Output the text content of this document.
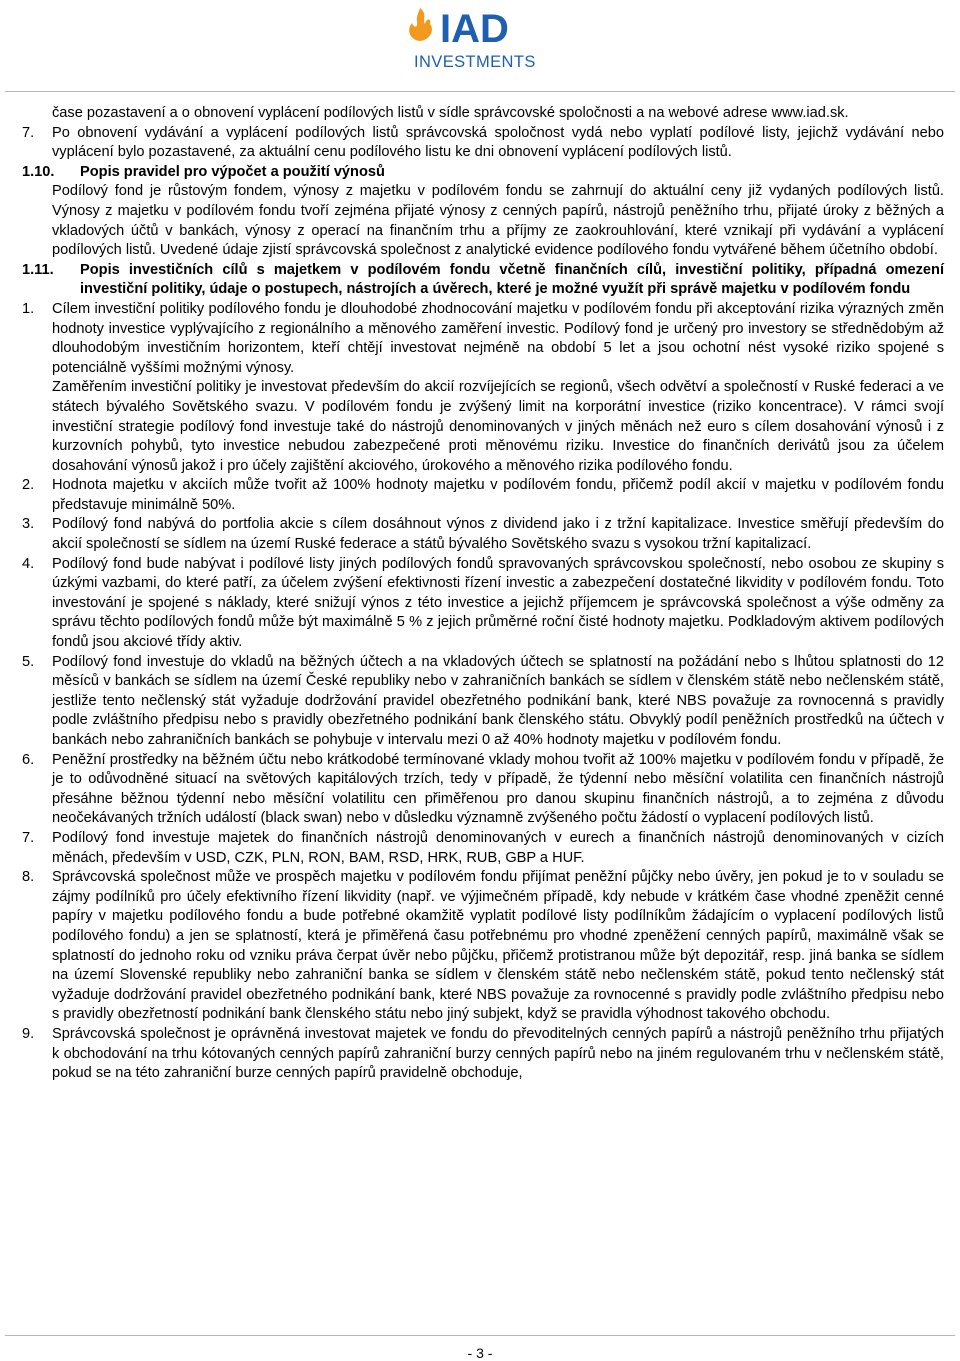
IAD
INVESTMENTS

čase pozastavení a o obnovení vyplácení podílových listů v sídle správcovské spoločnosti a na webové adrese www.iad.sk.

7. Po obnovení vydávání a vyplácení podílových listů správcovská spoločnost vydá nebo vyplatí podílové listy, jejichž vydávání nebo vyplácení bylo pozastavené, za aktuální cenu podílového listu ke dni obnovení vyplácení podílových listů.

1.10. Popis pravidel pro výpočet a použití výnosů

Podílový fond je růstovým fondem, výnosy z majetku v podílovém fondu se zahrnují do aktuální ceny již vydaných podílových listů. Výnosy z majetku v podílovém fondu tvoří zejména přijaté výnosy z cenných papírů, nástrojů peněžního trhu, přijaté úroky z běžných a vkladových účtů v bankách, výnosy z operací na finančním trhu a příjmy ze zaokrouhlování, které vznikají při vydávání a vyplácení podílových listů. Uvedené údaje zjistí správcovská společnost z analytické evidence podílového fondu vytvářené během účetního období.

1.11. Popis investičních cílů s majetkem v podílovém fondu včetně finančních cílů, investiční politiky, případná omezení investiční politiky, údaje o postupech, nástrojích a úvěrech, které je možné využít při správě majetku v podílovém fondu

1. Cílem investiční politiky podílového fondu je dlouhodobé zhodnocování majetku v podílovém fondu při akceptování rizika výrazných změn hodnoty investice vyplývajícího z regionálního a měnového zaměření investic. Podílový fond je určený pro investory se střednědobým až dlouhodobým investičním horizontem, kteří chtějí investovat nejméně na období 5 let a jsou ochotní nést vysoké riziko spojené s potenciálně vyššími možnými výnosy.

Zaměřením investiční politiky je investovat především do akcií rozvíjejících se regionů, všech odvětví a společností v Ruské federaci a ve státech bývalého Sovětského svazu. V podílovém fondu je zvýšený limit na korporátní investice (riziko koncentrace). V rámci svojí investiční strategie podílový fond investuje také do nástrojů denominovaných v jiných měnách než euro s cílem dosahování výnosů i z kurzovních pohybů, tyto investice nebudou zabezpečené proti měnovému riziku. Investice do finančních derivátů jsou za účelem dosahování výnosů jakož i pro účely zajištění akciového, úrokového a měnového rizika podílového fondu.

2. Hodnota majetku v akciích může tvořit až 100% hodnoty majetku v podílovém fondu, přičemž podíl akcií v majetku v podílovém fondu představuje minimálně 50%.

3. Podílový fond nabývá do portfolia akcie s cílem dosáhnout výnos z dividend jako i z tržní kapitalizace. Investice směřují především do akcií společností se sídlem na území Ruské federace a států bývalého Sovětského svazu s vysokou tržní kapitalizací.

4. Podílový fond bude nabývat i podílové listy jiných podílových fondů spravovaných správcovskou společností, nebo osobou ze skupiny s úzkými vazbami, do které patří, za účelem zvýšení efektivnosti řízení investic a zabezpečení dostatečné likvidity v podílovém fondu. Toto investování je spojené s náklady, které snižují výnos z této investice a jejichž příjemcem je správcovská společnost a výše odměny za správu těchto podílových fondů může být maximálně 5 % z jejich průměrné roční čisté hodnoty majetku. Podkladovým aktivem podílových fondů jsou akciové třídy aktiv.

5. Podílový fond investuje do vkladů na běžných účtech a na vkladových účtech se splatností na požádání nebo s lhůtou splatnosti do 12 měsíců v bankách se sídlem na území České republiky nebo v zahraničních bankách se sídlem v členském státě nebo nečlenském státě, jestliže tento nečlenský stát vyžaduje dodržování pravidel obezřetného podnikání bank, které NBS považuje za rovnocenná s pravidly podle zvláštního předpisu nebo s pravidly obezřetného podnikání bank členského státu. Obvyklý podíl peněžních prostředků na účtech v bankách nebo zahraničních bankách se pohybuje v intervalu mezi 0 až 40% hodnoty majetku v podílovém fondu.

6. Peněžní prostředky na běžném účtu nebo krátkodobé termínované vklady mohou tvořit až 100% majetku v podílovém fondu v případě, že je to odůvodněné situací na světových kapitálových trzích, tedy v případě, že týdenní nebo měsíční volatilita cen finančních nástrojů přesáhne běžnou týdenní nebo měsíční volatilitu cen přiměřenou pro danou skupinu finančních nástrojů, a to zejména z důvodu neočekávaných tržních událostí (black swan) nebo v důsledku významně zvýšeného počtu žádostí o vyplacení podílových listů.

7. Podílový fond investuje majetek do finančních nástrojů denominovaných v eurech a finančních nástrojů denominovaných v cizích měnách, především v USD, CZK, PLN, RON, BAM, RSD, HRK, RUB, GBP a HUF.

8. Správcovská společnost může ve prospěch majetku v podílovém fondu přijímat peněžní půjčky nebo úvěry, jen pokud je to v souladu se zájmy podílníků pro účely efektivního řízení likvidity (např. ve výjimečném případě, kdy nebude v krátkém čase vhodné zpeněžit cenné papíry v majetku podílového fondu a bude potřebné okamžitě vyplatit podílové listy podílníkům žádajícím o vyplacení podílových listů podílového fondu) a jen se splatností, která je přiměřená času potřebnému pro vhodné zpeněžení cenných papírů, maximálně však se splatností do jednoho roku od vzniku práva čerpat úvěr nebo půjčku, přičemž protistranou může být depozitář, resp. jiná banka se sídlem na území Slovenské republiky nebo zahraniční banka se sídlem v členském státě nebo nečlenském státě, pokud tento nečlenský stát vyžaduje dodržování pravidel obezřetného podnikání bank, které NBS považuje za rovnocenné s pravidly podle zvláštního předpisu nebo s pravidly obezřetností podnikání bank členského státu nebo jiný subjekt, když se pravidla výhodnost takového obchodu.

9. Správcovská společnost je oprávněná investovat majetek ve fondu do převoditelných cenných papírů a nástrojů peněžního trhu přijatých k obchodování na trhu kótovaných cenných papírů zahraniční burzy cenných papírů nebo na jiném regulovaném trhu v nečlenském státě, pokud se na této zahraniční burze cenných papírů pravidelně obchoduje,

- 3 -
